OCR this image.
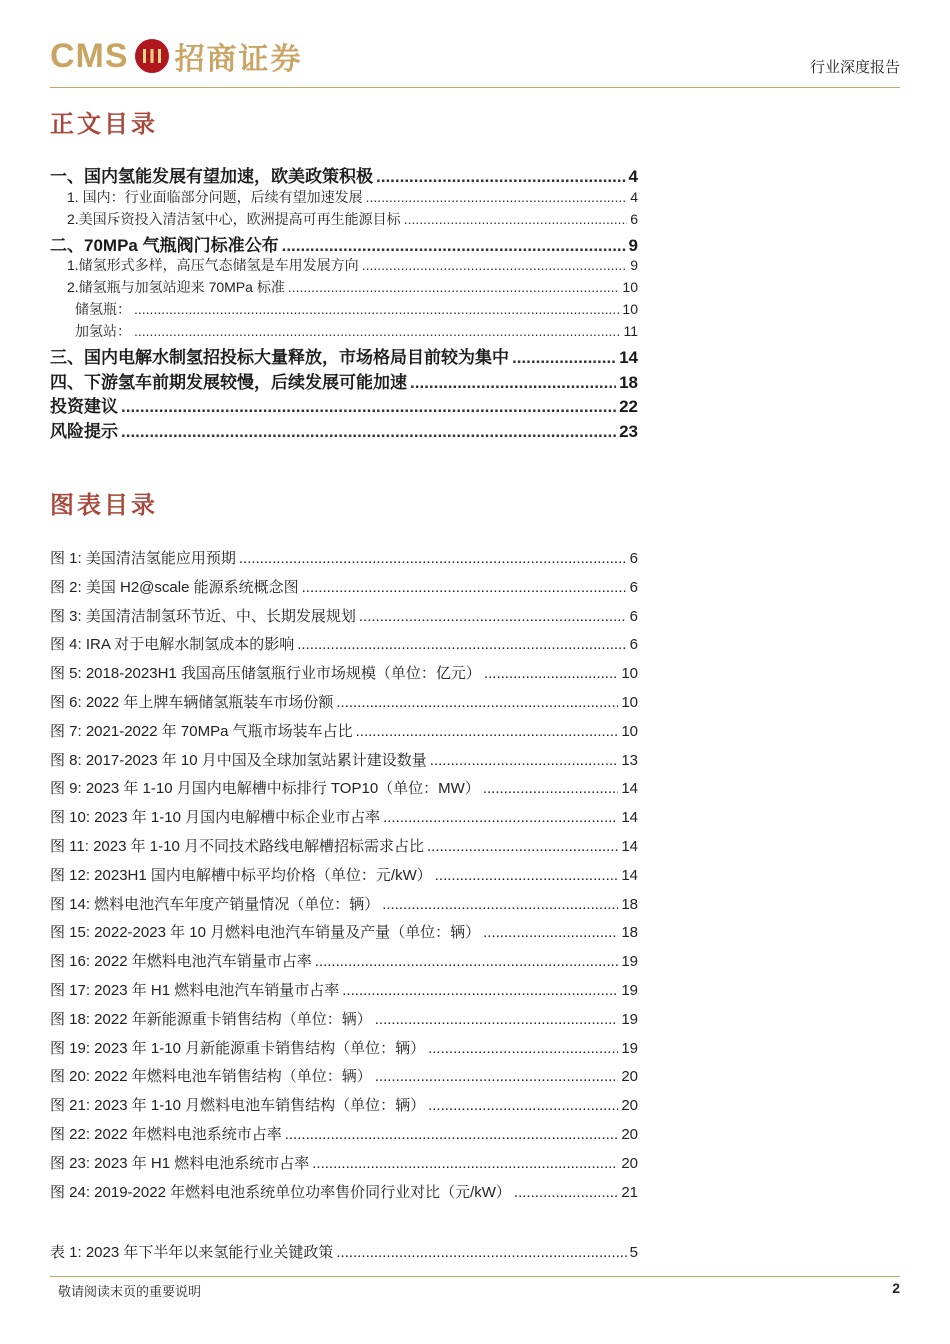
CMS 招商证券	行业深度报告
正文目录
一、国内氢能发展有望加速，欧美政策积极 .....	4
1. 国内：行业面临部分问题，后续有望加速发展 .....	4
2.美国斥资投入清洁氢中心，欧洲提高可再生能源目标 .....	6
二、70MPa 气瓶阀门标准公布 .....	9
1.储氢形式多样，高压气态储氢是车用发展方向 .....	9
2.储氢瓶与加氢站迎来 70MPa 标准 .....	10
储氢瓶： .....	10
加氢站： .....	11
三、国内电解水制氢招投标大量释放，市场格局目前较为集中 .....	14
四、下游氢车前期发展较慢，后续发展可能加速 .....	18
投资建议 .....	22
风险提示 .....	23
图表目录
图 1: 美国清洁氢能应用预期 .....	6
图 2: 美国 H2@scale 能源系统概念图 .....	6
图 3: 美国清洁制氢环节近、中、长期发展规划 .....	6
图 4: IRA 对于电解水制氢成本的影响 .....	6
图 5: 2018-2023H1 我国高压储氢瓶行业市场规模（单位：亿元） .....	10
图 6: 2022 年上牌车辆储氢瓶装车市场份额 .....	10
图 7: 2021-2022 年 70MPa 气瓶市场装车占比 .....	10
图 8: 2017-2023 年 10 月中国及全球加氢站累计建设数量 .....	13
图 9: 2023 年 1-10 月国内电解槽中标排行 TOP10（单位：MW） .....	14
图 10: 2023 年 1-10 月国内电解槽中标企业市占率 .....	14
图 11: 2023 年 1-10 月不同技术路线电解槽招标需求占比 .....	14
图 12: 2023H1 国内电解槽中标平均价格（单位：元/kW） .....	14
图 14: 燃料电池汽车年度产销量情况（单位：辆） .....	18
图 15: 2022-2023 年 10 月燃料电池汽车销量及产量（单位：辆） .....	18
图 16: 2022 年燃料电池汽车销量市占率 .....	19
图 17: 2023 年 H1 燃料电池汽车销量市占率 .....	19
图 18: 2022 年新能源重卡销售结构（单位：辆） .....	19
图 19: 2023 年 1-10 月新能源重卡销售结构（单位：辆） .....	19
图 20: 2022 年燃料电池车销售结构（单位：辆） .....	20
图 21: 2023 年 1-10 月燃料电池车销售结构（单位：辆） .....	20
图 22: 2022 年燃料电池系统市占率 .....	20
图 23: 2023 年 H1 燃料电池系统市占率 .....	20
图 24: 2019-2022 年燃料电池系统单位功率售价同行业对比（元/kW） .....	21
表 1: 2023 年下半年以来氢能行业关键政策 .....	5
敬请阅读末页的重要说明	2
